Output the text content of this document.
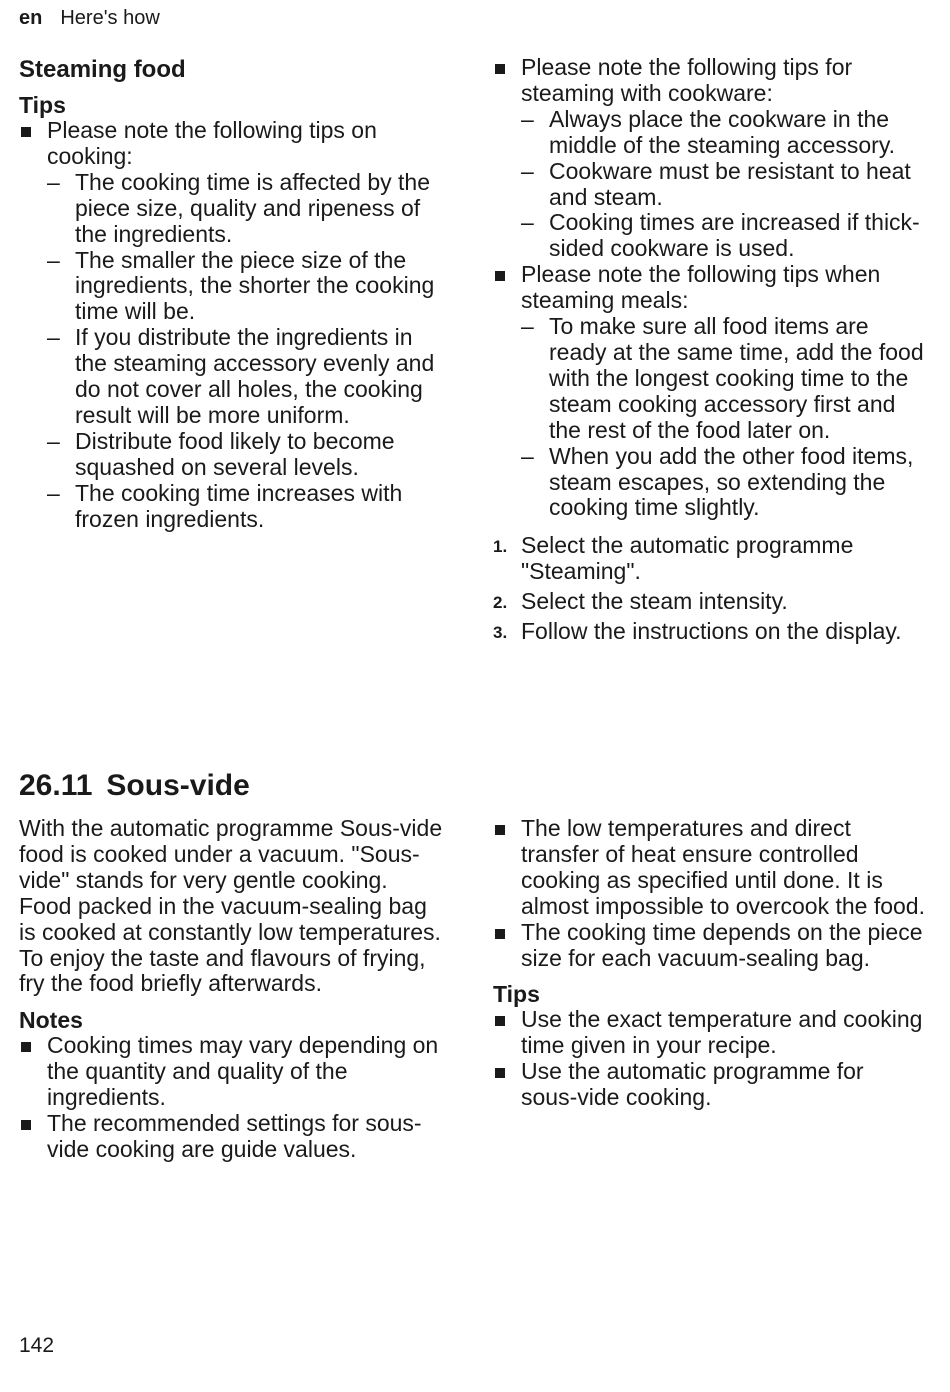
en Here's how
Steaming food
Tips
Please note the following tips on cooking:
– The cooking time is affected by the piece size, quality and ripeness of the ingredients.
– The smaller the piece size of the ingredients, the shorter the cooking time will be.
– If you distribute the ingredients in the steaming accessory evenly and do not cover all holes, the cooking result will be more uniform.
– Distribute food likely to become squashed on several levels.
– The cooking time increases with frozen ingredients.
Please note the following tips for steaming with cookware:
– Always place the cookware in the middle of the steaming accessory.
– Cookware must be resistant to heat and steam.
– Cooking times are increased if thick-sided cookware is used.
Please note the following tips when steaming meals:
– To make sure all food items are ready at the same time, add the food with the longest cooking time to the steam cooking accessory first and the rest of the food later on.
– When you add the other food items, steam escapes, so extending the cooking time slightly.
1. Select the automatic programme "Steaming".
2. Select the steam intensity.
3. Follow the instructions on the display.
26.11 Sous-vide

With the automatic programme Sous-vide food is cooked under a vacuum. "Sous-vide" stands for very gentle cooking.

Food packed in the vacuum-sealing bag is cooked at constantly low temperatures. To enjoy the taste and flavours of frying, fry the food briefly afterwards.

Notes
Cooking times may vary depending on the quantity and quality of the ingredients.
The recommended settings for sous-vide cooking are guide values.
The low temperatures and direct transfer of heat ensure controlled cooking as specified until done. It is almost impossible to overcook the food.
The cooking time depends on the piece size for each vacuum-sealing bag.
Tips
Use the exact temperature and cooking time given in your recipe.
Use the automatic programme for sous-vide cooking.
142
